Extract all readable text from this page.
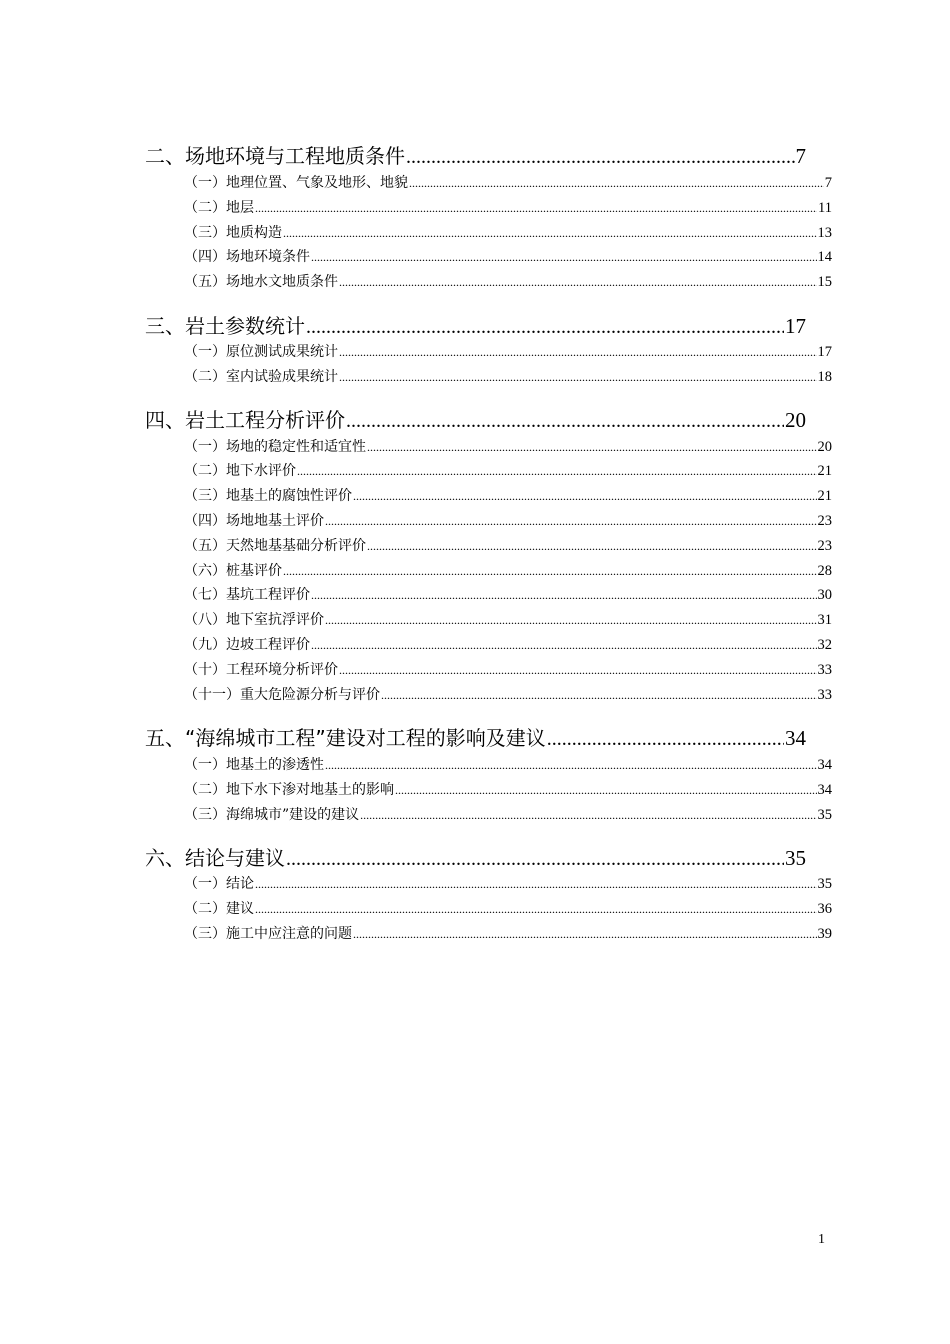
二、场地环境与工程地质条件 .....	7
（一）地理位置、气象及地形、地貌 .....	7
（二）地层 .....	11
（三）地质构造 .....	13
（四）场地环境条件 .....	14
（五）场地水文地质条件 .....	15
三、岩土参数统计 .....	17
（一）原位测试成果统计 .....	17
（二）室内试验成果统计 .....	18
四、岩土工程分析评价 .....	20
（一）场地的稳定性和适宜性 .....	20
（二）地下水评价 .....	21
（三）地基土的腐蚀性评价 .....	21
（四）场地地基土评价 .....	23
（五）天然地基基础分析评价 .....	23
（六）桩基评价 .....	28
（七）基坑工程评价 .....	30
（八）地下室抗浮评价 .....	31
（九）边坡工程评价 .....	32
（十）工程环境分析评价 .....	33
（十一）重大危险源分析与评价 .....	33
五、“海绵城市工程”建设对工程的影响及建议 .....	34
（一）地基土的渗透性 .....	34
（二）地下水下渗对地基土的影响 .....	34
（三）海绵城市”建设的建议 .....	35
六、结论与建议 .....	35
（一）结论 .....	35
（二）建议 .....	36
（三）施工中应注意的问题 .....	39
1
